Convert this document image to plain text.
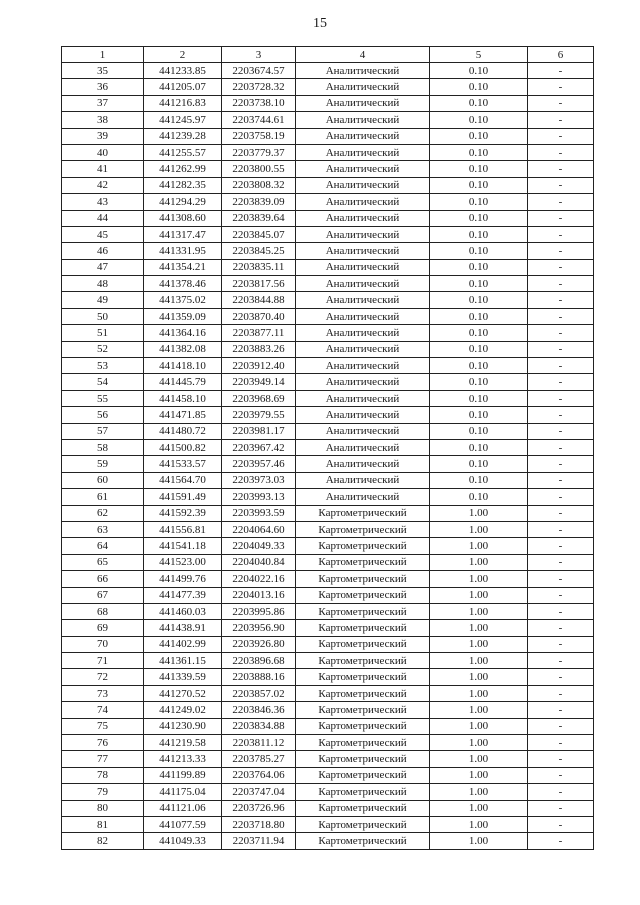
15
1	2	3	4	5	6
35	441233.85	2203674.57	Аналитический	0.10	-
36	441205.07	2203728.32	Аналитический	0.10	-
37	441216.83	2203738.10	Аналитический	0.10	-
38	441245.97	2203744.61	Аналитический	0.10	-
39	441239.28	2203758.19	Аналитический	0.10	-
40	441255.57	2203779.37	Аналитический	0.10	-
41	441262.99	2203800.55	Аналитический	0.10	-
42	441282.35	2203808.32	Аналитический	0.10	-
43	441294.29	2203839.09	Аналитический	0.10	-
44	441308.60	2203839.64	Аналитический	0.10	-
45	441317.47	2203845.07	Аналитический	0.10	-
46	441331.95	2203845.25	Аналитический	0.10	-
47	441354.21	2203835.11	Аналитический	0.10	-
48	441378.46	2203817.56	Аналитический	0.10	-
49	441375.02	2203844.88	Аналитический	0.10	-
50	441359.09	2203870.40	Аналитический	0.10	-
51	441364.16	2203877.11	Аналитический	0.10	-
52	441382.08	2203883.26	Аналитический	0.10	-
53	441418.10	2203912.40	Аналитический	0.10	-
54	441445.79	2203949.14	Аналитический	0.10	-
55	441458.10	2203968.69	Аналитический	0.10	-
56	441471.85	2203979.55	Аналитический	0.10	-
57	441480.72	2203981.17	Аналитический	0.10	-
58	441500.82	2203967.42	Аналитический	0.10	-
59	441533.57	2203957.46	Аналитический	0.10	-
60	441564.70	2203973.03	Аналитический	0.10	-
61	441591.49	2203993.13	Аналитический	0.10	-
62	441592.39	2203993.59	Картометрический	1.00	-
63	441556.81	2204064.60	Картометрический	1.00	-
64	441541.18	2204049.33	Картометрический	1.00	-
65	441523.00	2204040.84	Картометрический	1.00	-
66	441499.76	2204022.16	Картометрический	1.00	-
67	441477.39	2204013.16	Картометрический	1.00	-
68	441460.03	2203995.86	Картометрический	1.00	-
69	441438.91	2203956.90	Картометрический	1.00	-
70	441402.99	2203926.80	Картометрический	1.00	-
71	441361.15	2203896.68	Картометрический	1.00	-
72	441339.59	2203888.16	Картометрический	1.00	-
73	441270.52	2203857.02	Картометрический	1.00	-
74	441249.02	2203846.36	Картометрический	1.00	-
75	441230.90	2203834.88	Картометрический	1.00	-
76	441219.58	2203811.12	Картометрический	1.00	-
77	441213.33	2203785.27	Картометрический	1.00	-
78	441199.89	2203764.06	Картометрический	1.00	-
79	441175.04	2203747.04	Картометрический	1.00	-
80	441121.06	2203726.96	Картометрический	1.00	-
81	441077.59	2203718.80	Картометрический	1.00	-
82	441049.33	2203711.94	Картометрический	1.00	-
